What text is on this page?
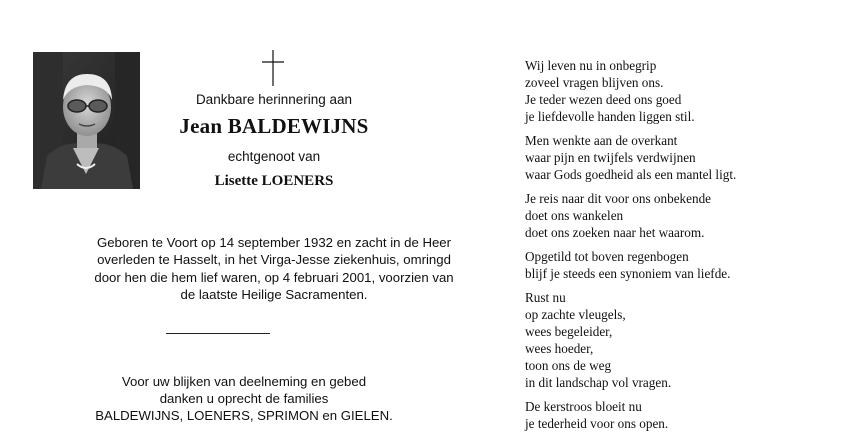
Dankbare herinnering aan
Jean BALDEWIJNS
echtgenoot van
Lisette LOENERS
Geboren te Voort op 14 september 1932 en zacht in de Heer
overleden te Hasselt, in het Virga-Jesse ziekenhuis, omringd
door hen die hem lief waren, op 4 februari 2001, voorzien van
de laatste Heilige Sacramenten.
Voor uw blijken van deelneming en gebed
danken u oprecht de families
BALDEWIJNS, LOENERS, SPRIMON en GIELEN.
Wij leven nu in onbegrip
zoveel vragen blijven ons.
Je teder wezen deed ons goed
je liefdevolle handen liggen stil.
Men wenkte aan de overkant
waar pijn en twijfels verdwijnen
waar Gods goedheid als een mantel ligt.
Je reis naar dit voor ons onbekende
doet ons wankelen
doet ons zoeken naar het waarom.
Opgetild tot boven regenbogen
blijf je steeds een synoniem van liefde.
Rust nu
op zachte vleugels,
wees begeleider,
wees hoeder,
toon ons de weg
in dit landschap vol vragen.
De kerstroos bloeit nu
je tederheid voor ons open.
